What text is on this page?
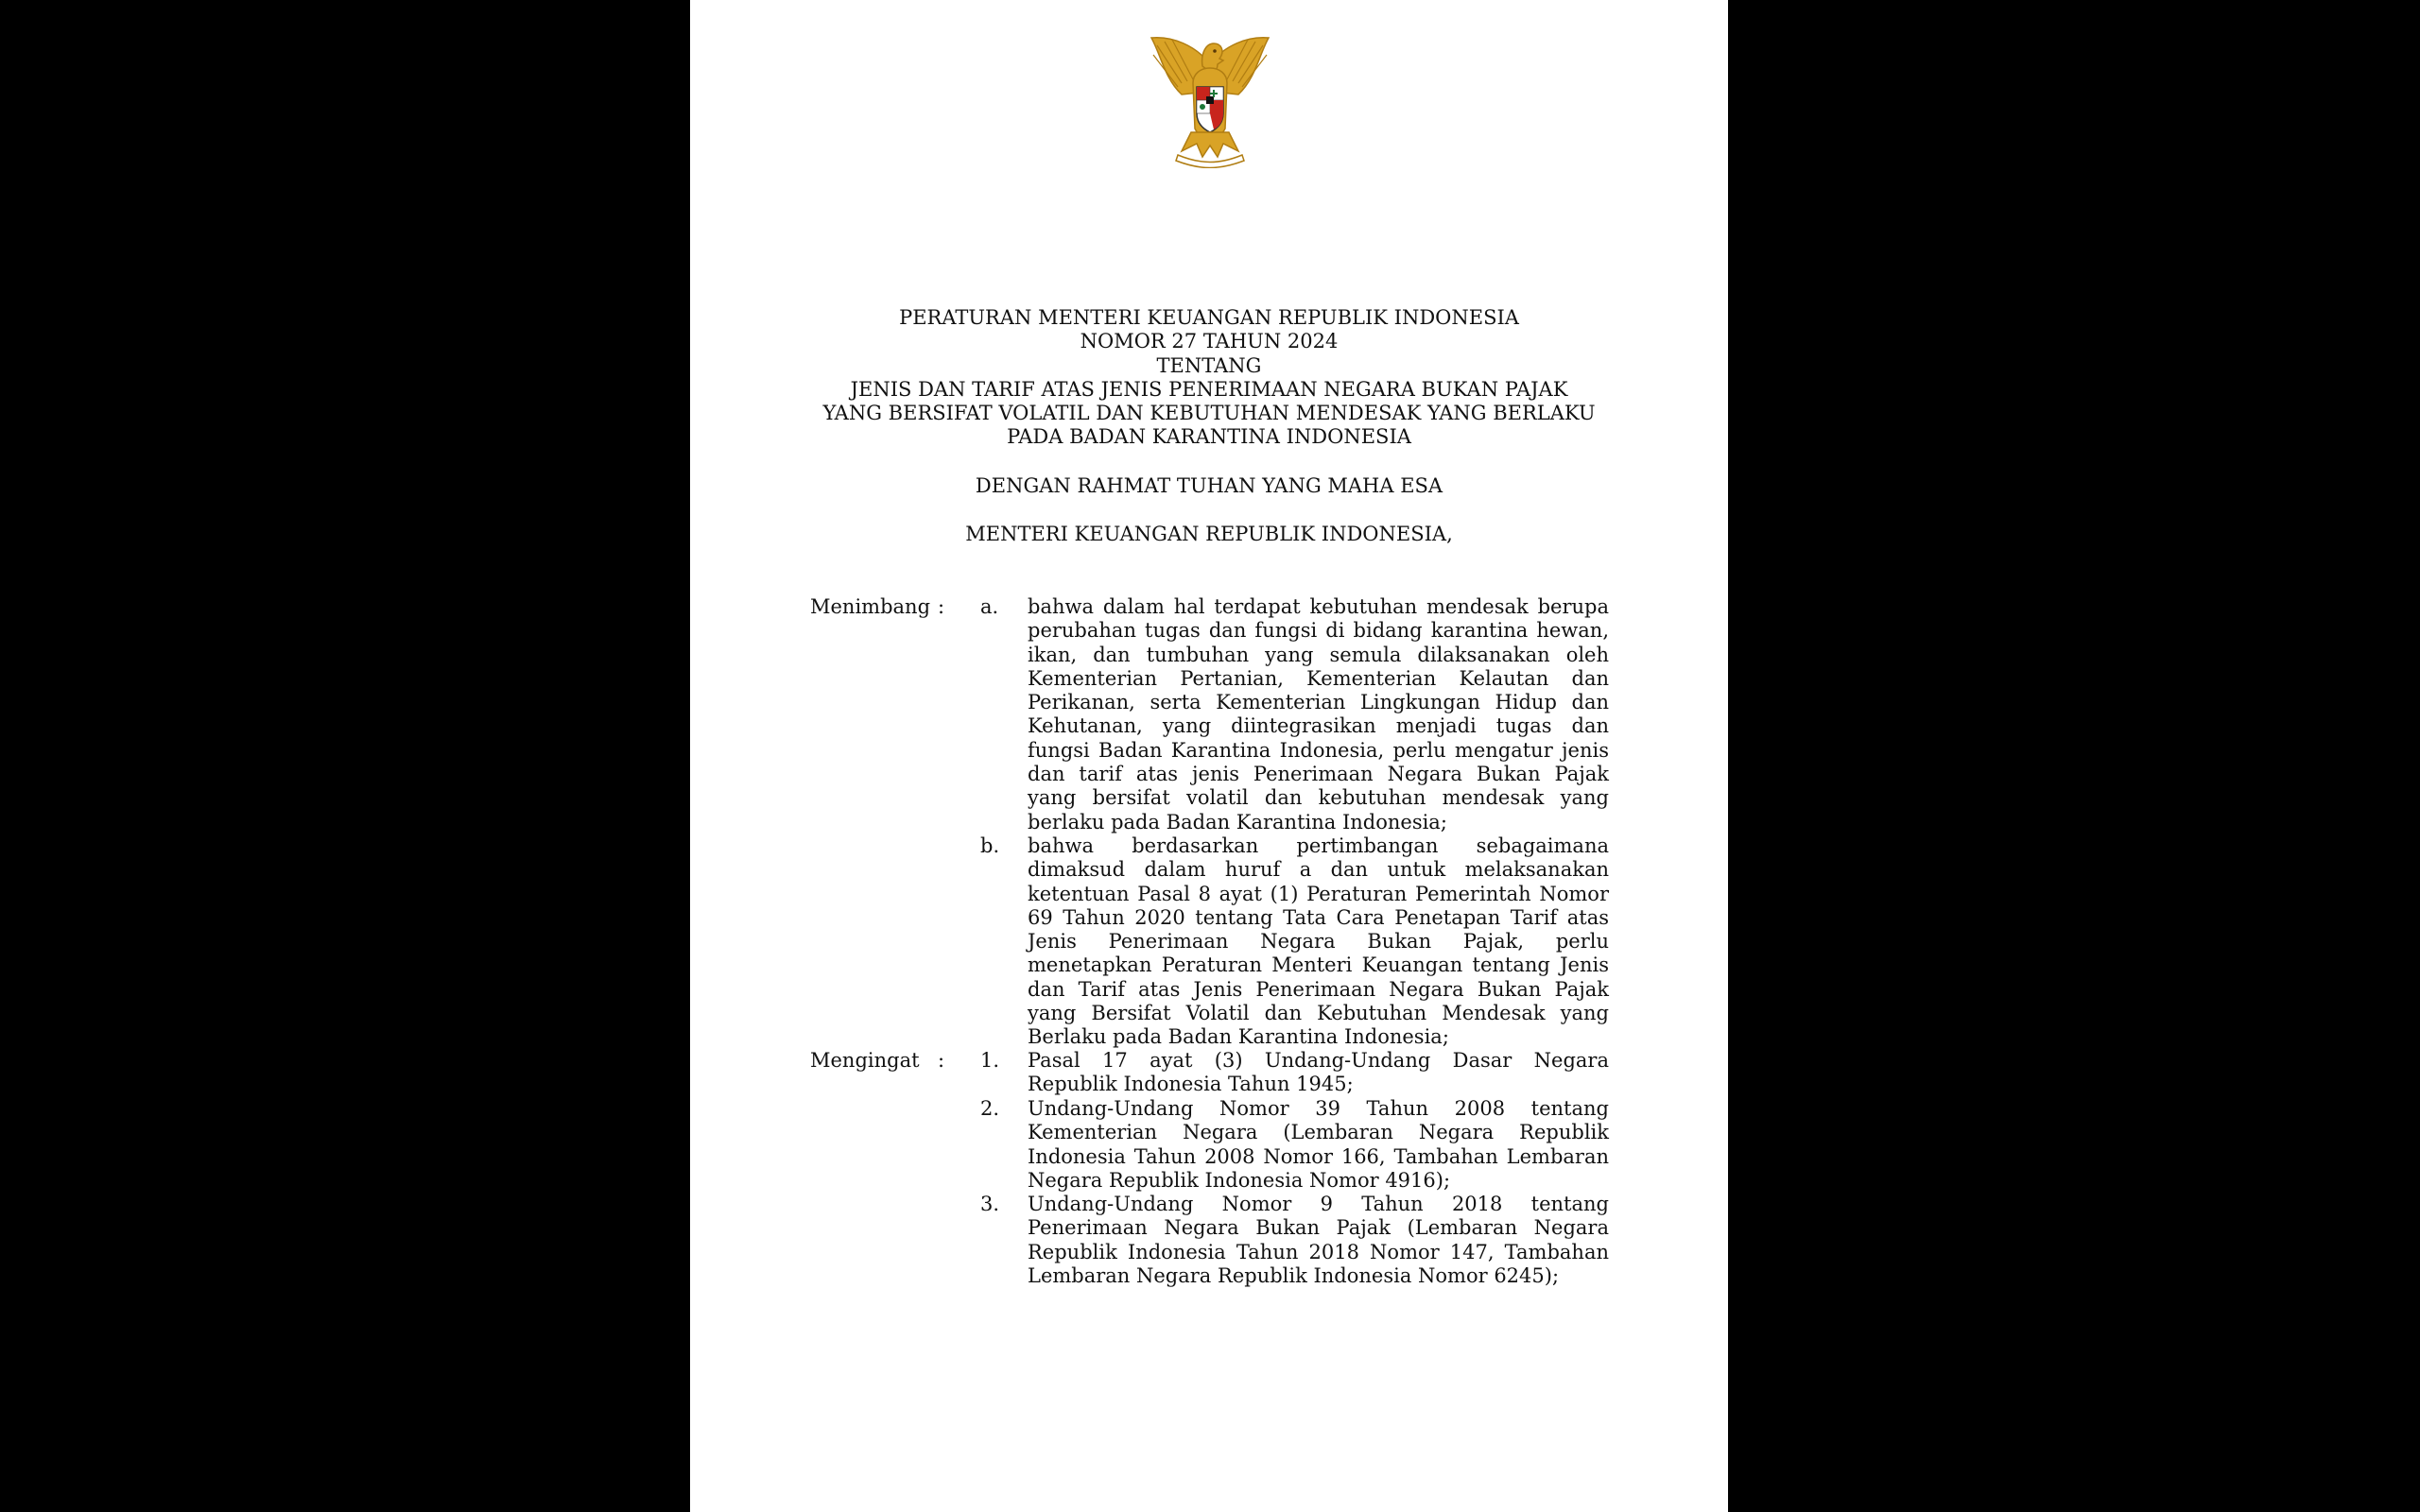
PERATURAN MENTERI KEUANGAN REPUBLIK INDONESIA
NOMOR 27 TAHUN 2024
TENTANG
JENIS DAN TARIF ATAS JENIS PENERIMAAN NEGARA BUKAN PAJAK
YANG BERSIFAT VOLATIL DAN KEBUTUHAN MENDESAK YANG BERLAKU
PADA BADAN KARANTINA INDONESIA
DENGAN RAHMAT TUHAN YANG MAHA ESA
MENTERI KEUANGAN REPUBLIK INDONESIA,
Menimbang : a. bahwa dalam hal terdapat kebutuhan mendesak berupa perubahan tugas dan fungsi di bidang karantina hewan, ikan, dan tumbuhan yang semula dilaksanakan oleh Kementerian Pertanian, Kementerian Kelautan dan Perikanan, serta Kementerian Lingkungan Hidup dan Kehutanan, yang diintegrasikan menjadi tugas dan fungsi Badan Karantina Indonesia, perlu mengatur jenis dan tarif atas jenis Penerimaan Negara Bukan Pajak yang bersifat volatil dan kebutuhan mendesak yang berlaku pada Badan Karantina Indonesia;
b. bahwa berdasarkan pertimbangan sebagaimana dimaksud dalam huruf a dan untuk melaksanakan ketentuan Pasal 8 ayat (1) Peraturan Pemerintah Nomor 69 Tahun 2020 tentang Tata Cara Penetapan Tarif atas Jenis Penerimaan Negara Bukan Pajak, perlu menetapkan Peraturan Menteri Keuangan tentang Jenis dan Tarif atas Jenis Penerimaan Negara Bukan Pajak yang Bersifat Volatil dan Kebutuhan Mendesak yang Berlaku pada Badan Karantina Indonesia;
Mengingat : 1. Pasal 17 ayat (3) Undang-Undang Dasar Negara Republik Indonesia Tahun 1945;
2. Undang-Undang Nomor 39 Tahun 2008 tentang Kementerian Negara (Lembaran Negara Republik Indonesia Tahun 2008 Nomor 166, Tambahan Lembaran Negara Republik Indonesia Nomor 4916);
3. Undang-Undang Nomor 9 Tahun 2018 tentang Penerimaan Negara Bukan Pajak (Lembaran Negara Republik Indonesia Tahun 2018 Nomor 147, Tambahan Lembaran Negara Republik Indonesia Nomor 6245);
